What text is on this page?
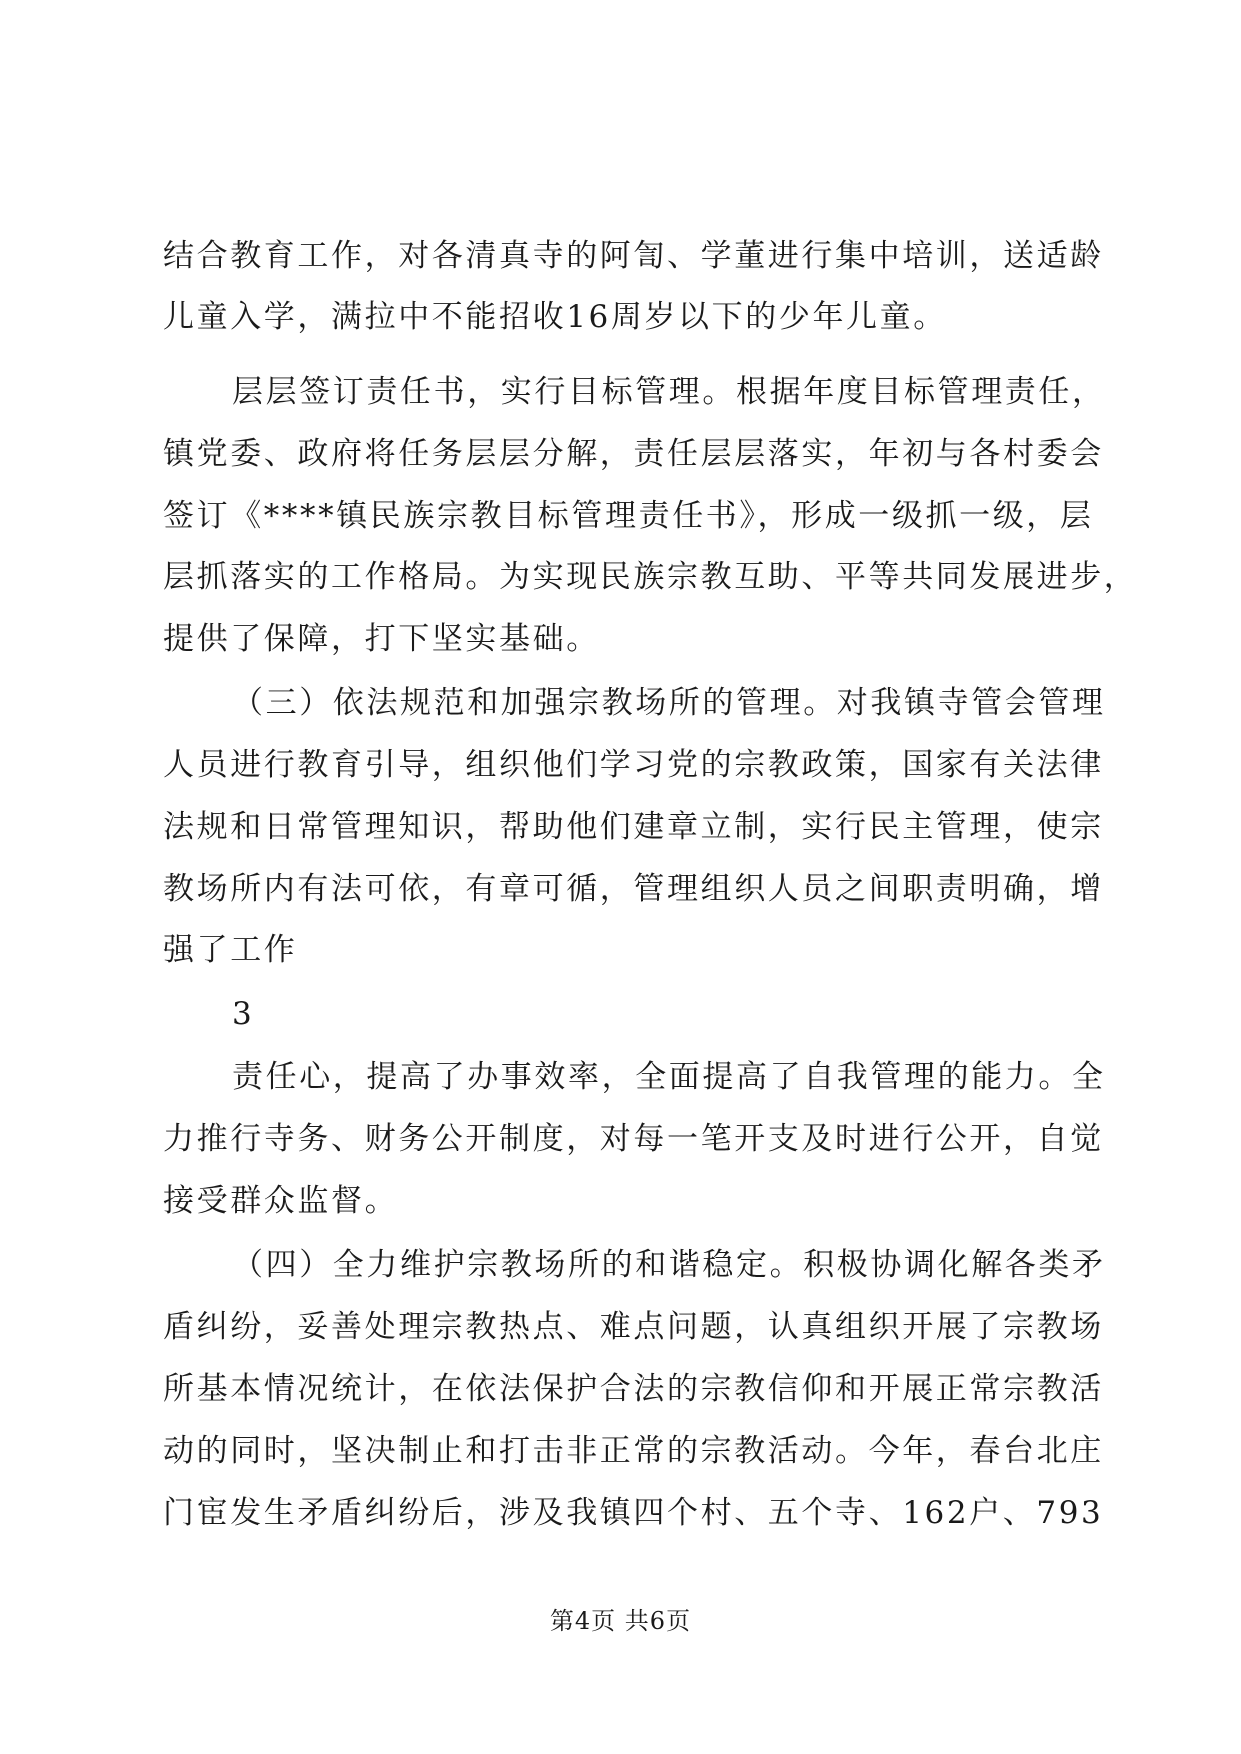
结合教育工作，对各清真寺的阿訇、学董进行集中培训，送适龄
儿童入学，满拉中不能招收16周岁以下的少年儿童。
层层签订责任书，实行目标管理。根据年度目标管理责任，
镇党委、政府将任务层层分解，责任层层落实，年初与各村委会
签订《****镇民族宗教目标管理责任书》，形成一级抓一级，层
层抓落实的工作格局。为实现民族宗教互助、平等共同发展进步，
提供了保障，打下坚实基础。
（三）依法规范和加强宗教场所的管理。对我镇寺管会管理
人员进行教育引导，组织他们学习党的宗教政策，国家有关法律
法规和日常管理知识，帮助他们建章立制，实行民主管理，使宗
教场所内有法可依，有章可循，管理组织人员之间职责明确，增
强了工作
3
责任心，提高了办事效率，全面提高了自我管理的能力。全
力推行寺务、财务公开制度，对每一笔开支及时进行公开，自觉
接受群众监督。
（四）全力维护宗教场所的和谐稳定。积极协调化解各类矛
盾纠纷，妥善处理宗教热点、难点问题，认真组织开展了宗教场
所基本情况统计，在依法保护合法的宗教信仰和开展正常宗教活
动的同时，坚决制止和打击非正常的宗教活动。今年，春台北庄
门宦发生矛盾纠纷后，涉及我镇四个村、五个寺、162户、793
第4页 共6页
